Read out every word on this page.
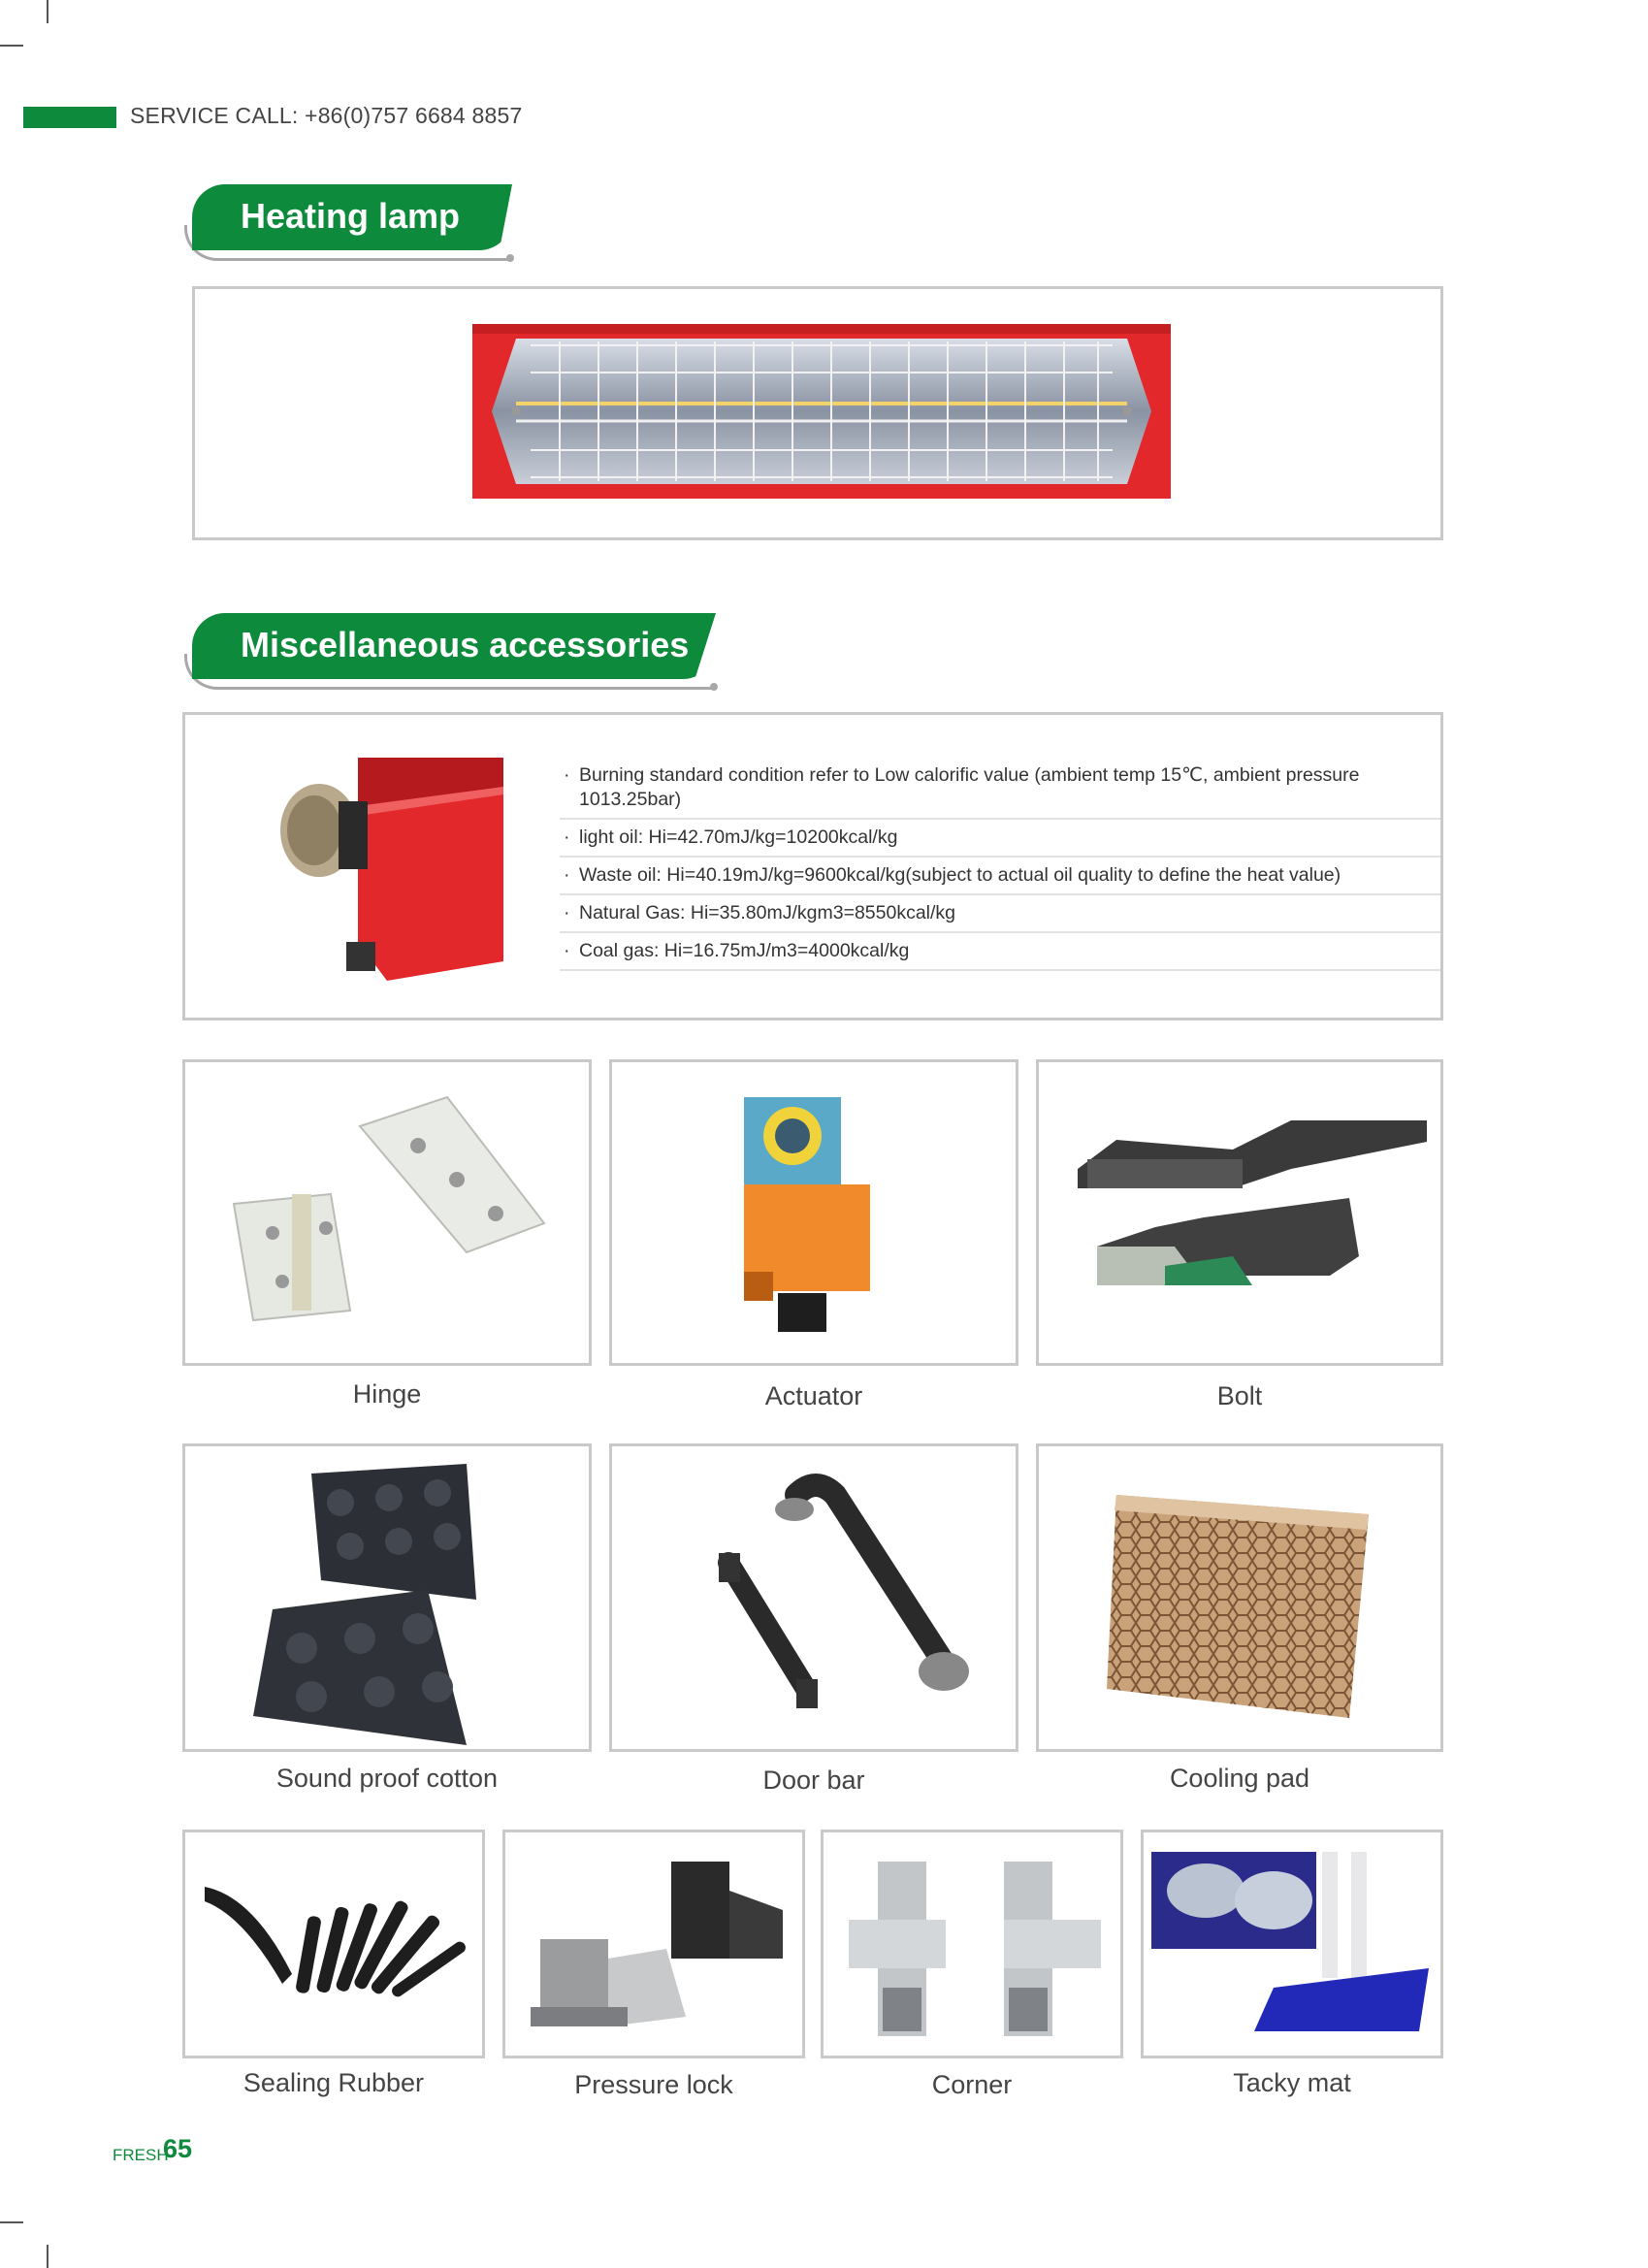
SERVICE CALL: +86(0)757 6684 8857
Heating lamp
Miscellaneous accessories
· Burning standard condition refer to Low calorific value (ambient temp 15℃, ambient pressure 1013.25bar)
· light oil: Hi=42.70mJ/kg=10200kcal/kg
· Waste oil: Hi=40.19mJ/kg=9600kcal/kg(subject to actual oil quality to define the heat value)
· Natural Gas: Hi=35.80mJ/kgm3=8550kcal/kg
· Coal gas: Hi=16.75mJ/m3=4000kcal/kg
Hinge	Actuator	Bolt
Sound proof cotton	Door bar	Cooling pad
Sealing Rubber	Pressure lock	Corner	Tacky mat
FRESH
65
